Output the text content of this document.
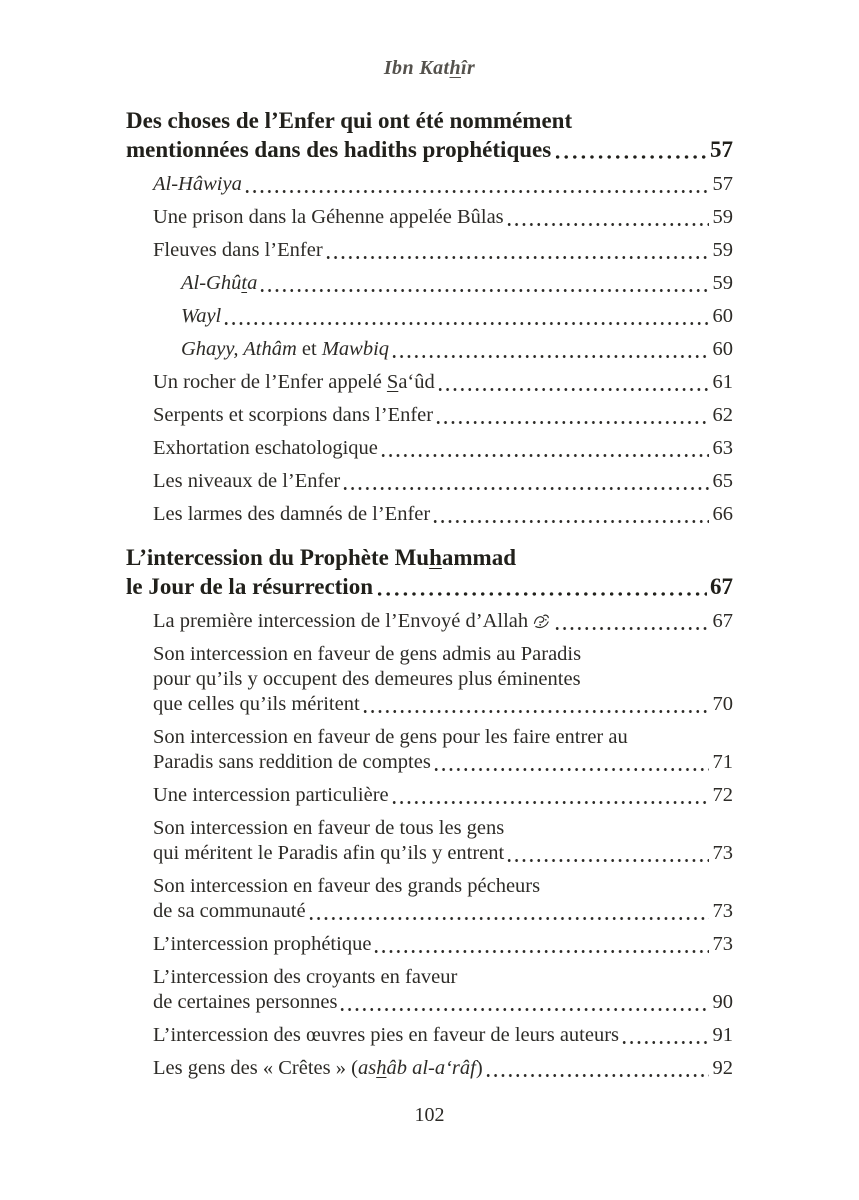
Ibn Kathîr
Des choses de l’Enfer qui ont été nommément
mentionnées dans des hadiths prophétiques	57
Al-Hâwiya	57
Une prison dans la Géhenne appelée Bûlas	59
Fleuves dans l’Enfer	59
Al-Ghûta	59
Wayl	60
Ghayy, Athâm et Mawbiq	60
Un rocher de l’Enfer appelé Sa‘ûd	61
Serpents et scorpions dans l’Enfer	62
Exhortation eschatologique	63
Les niveaux de l’Enfer	65
Les larmes des damnés de l’Enfer	66
L’intercession du Prophète Muhammad
le Jour de la résurrection	67
La première intercession de l’Envoyé d’Allah	67
Son intercession en faveur de gens admis au Paradis
pour qu’ils y occupent des demeures plus éminentes
que celles qu’ils méritent	70
Son intercession en faveur de gens pour les faire entrer au
Paradis sans reddition de comptes	71
Une intercession particulière	72
Son intercession en faveur de tous les gens
qui méritent le Paradis afin qu’ils y entrent	73
Son intercession en faveur des grands pécheurs
de sa communauté	73
L’intercession prophétique	73
L’intercession des croyants en faveur
de certaines personnes	90
L’intercession des œuvres pies en faveur de leurs auteurs	91
Les gens des « Crêtes » (ashâb al-a‘râf)	92
102
